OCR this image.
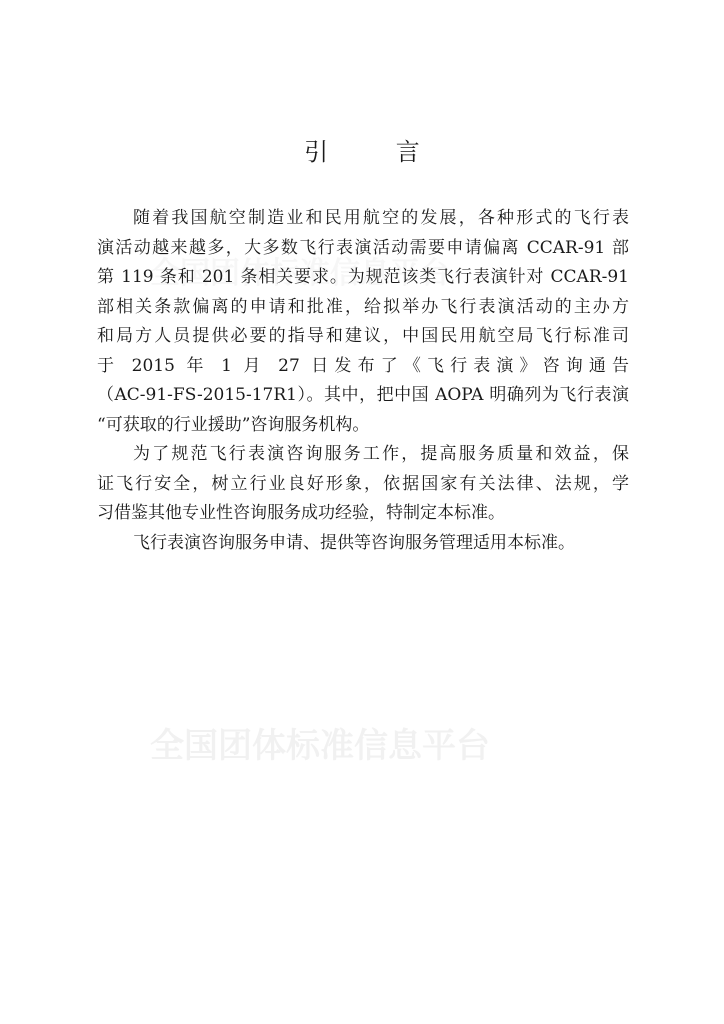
全国团体标准信息平台
引 言

随着我国航空制造业和民用航空的发展，各种形式的飞行表
演活动越来越多，大多数飞行表演活动需要申请偏离 CCAR-91 部
第 119 条和 201 条相关要求。为规范该类飞行表演针对 CCAR-91
部相关条款偏离的申请和批准，给拟举办飞行表演活动的主办方
和局方人员提供必要的指导和建议，中国民用航空局飞行标准司
于 2015 年 1 月 27 日发布了《飞行表演》咨询通告
（AC-91-FS-2015-17R1）。其中，把中国 AOPA 明确列为飞行表演
“可获取的行业援助”咨询服务机构。

为了规范飞行表演咨询服务工作，提高服务质量和效益，保
证飞行安全，树立行业良好形象，依据国家有关法律、法规，学
习借鉴其他专业性咨询服务成功经验，特制定本标准。

飞行表演咨询服务申请、提供等咨询服务管理适用本标准。
